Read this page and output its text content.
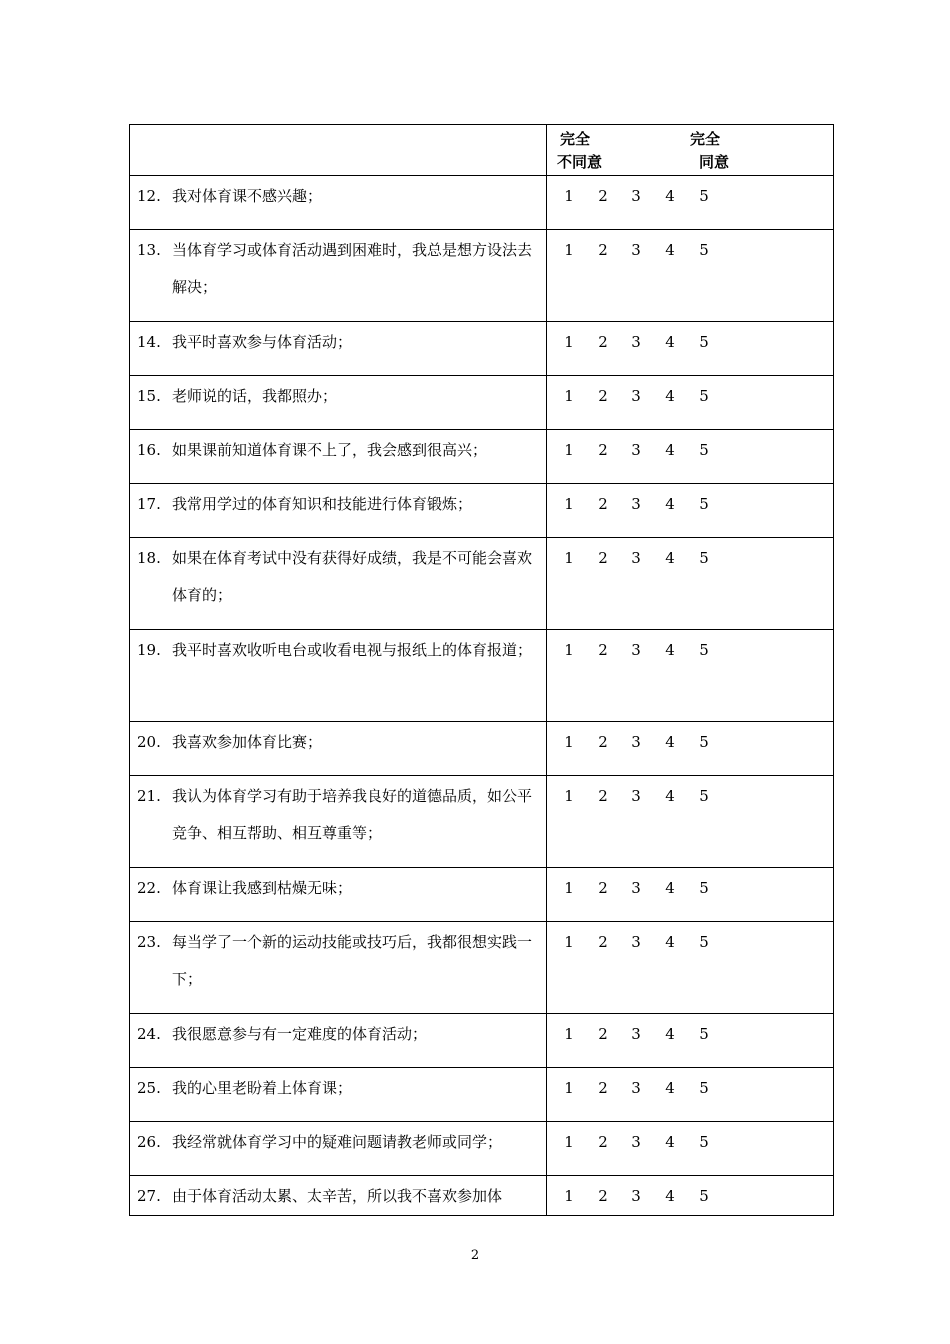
	完全
不同意
完全
同意

12. 我对体育课不感兴趣；	1 2 3 4 5

13. 当体育学习或体育活动遇到困难时，我总是想方设法去解决；	1 2 3 4 5

14. 我平时喜欢参与体育活动；	1 2 3 4 5

15. 老师说的话，我都照办；	1 2 3 4 5

16. 如果课前知道体育课不上了，我会感到很高兴；	1 2 3 4 5

17. 我常用学过的体育知识和技能进行体育锻炼；	1 2 3 4 5

18. 如果在体育考试中没有获得好成绩，我是不可能会喜欢体育的；	1 2 3 4 5

19. 我平时喜欢收听电台或收看电视与报纸上的体育报道；	1 2 3 4 5

20. 我喜欢参加体育比赛；	1 2 3 4 5

21. 我认为体育学习有助于培养我良好的道德品质，如公平竞争、相互帮助、相互尊重等；	1 2 3 4 5

22. 体育课让我感到枯燥无味；	1 2 3 4 5

23. 每当学了一个新的运动技能或技巧后，我都很想实践一下；	1 2 3 4 5

24. 我很愿意参与有一定难度的体育活动；	1 2 3 4 5

25. 我的心里老盼着上体育课；	1 2 3 4 5

26. 我经常就体育学习中的疑难问题请教老师或同学；	1 2 3 4 5

27. 由于体育活动太累、太辛苦，所以我不喜欢参加体	1 2 3 4 5
2
